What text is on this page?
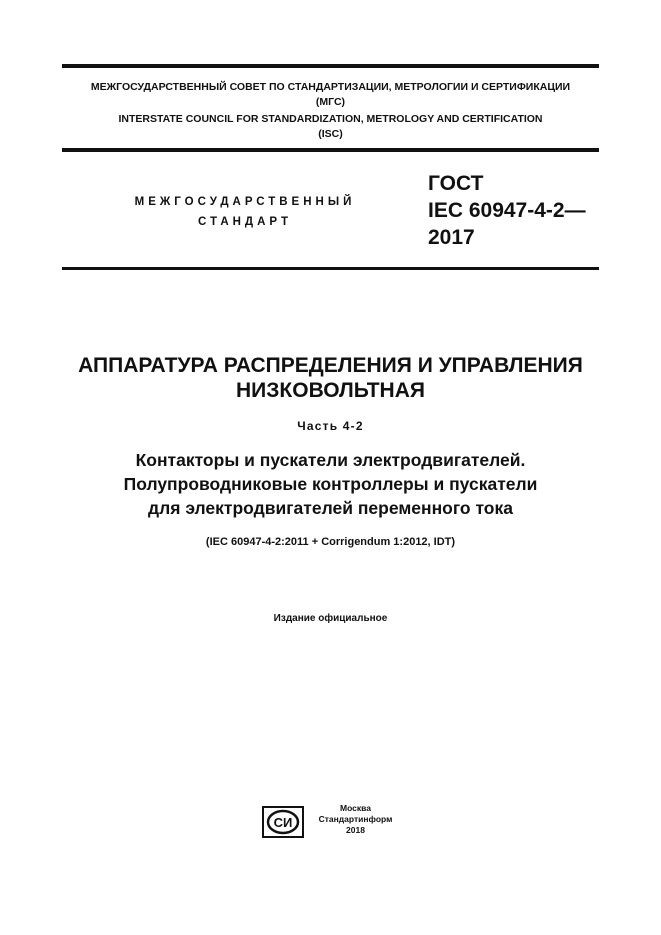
МЕЖГОСУДАРСТВЕННЫЙ СОВЕТ ПО СТАНДАРТИЗАЦИИ, МЕТРОЛОГИИ И СЕРТИФИКАЦИИ
(МГС)
INTERSTATE COUNCIL FOR STANDARDIZATION, METROLOGY AND CERTIFICATION
(ISC)
МЕЖГОСУДАРСТВЕННЫЙ
СТАНДАРТ
ГОСТ
IEC 60947-4-2—
2017
АППАРАТУРА РАСПРЕДЕЛЕНИЯ И УПРАВЛЕНИЯ
НИЗКОВОЛЬТНАЯ
Часть 4-2
Контакторы и пускатели электродвигателей.
Полупроводниковые контроллеры и пускатели
для электродвигателей переменного тока
(IEC 60947-4-2:2011 + Corrigendum 1:2012, IDT)
Издание официальное
СИ
Москва
Стандартинформ
2018
